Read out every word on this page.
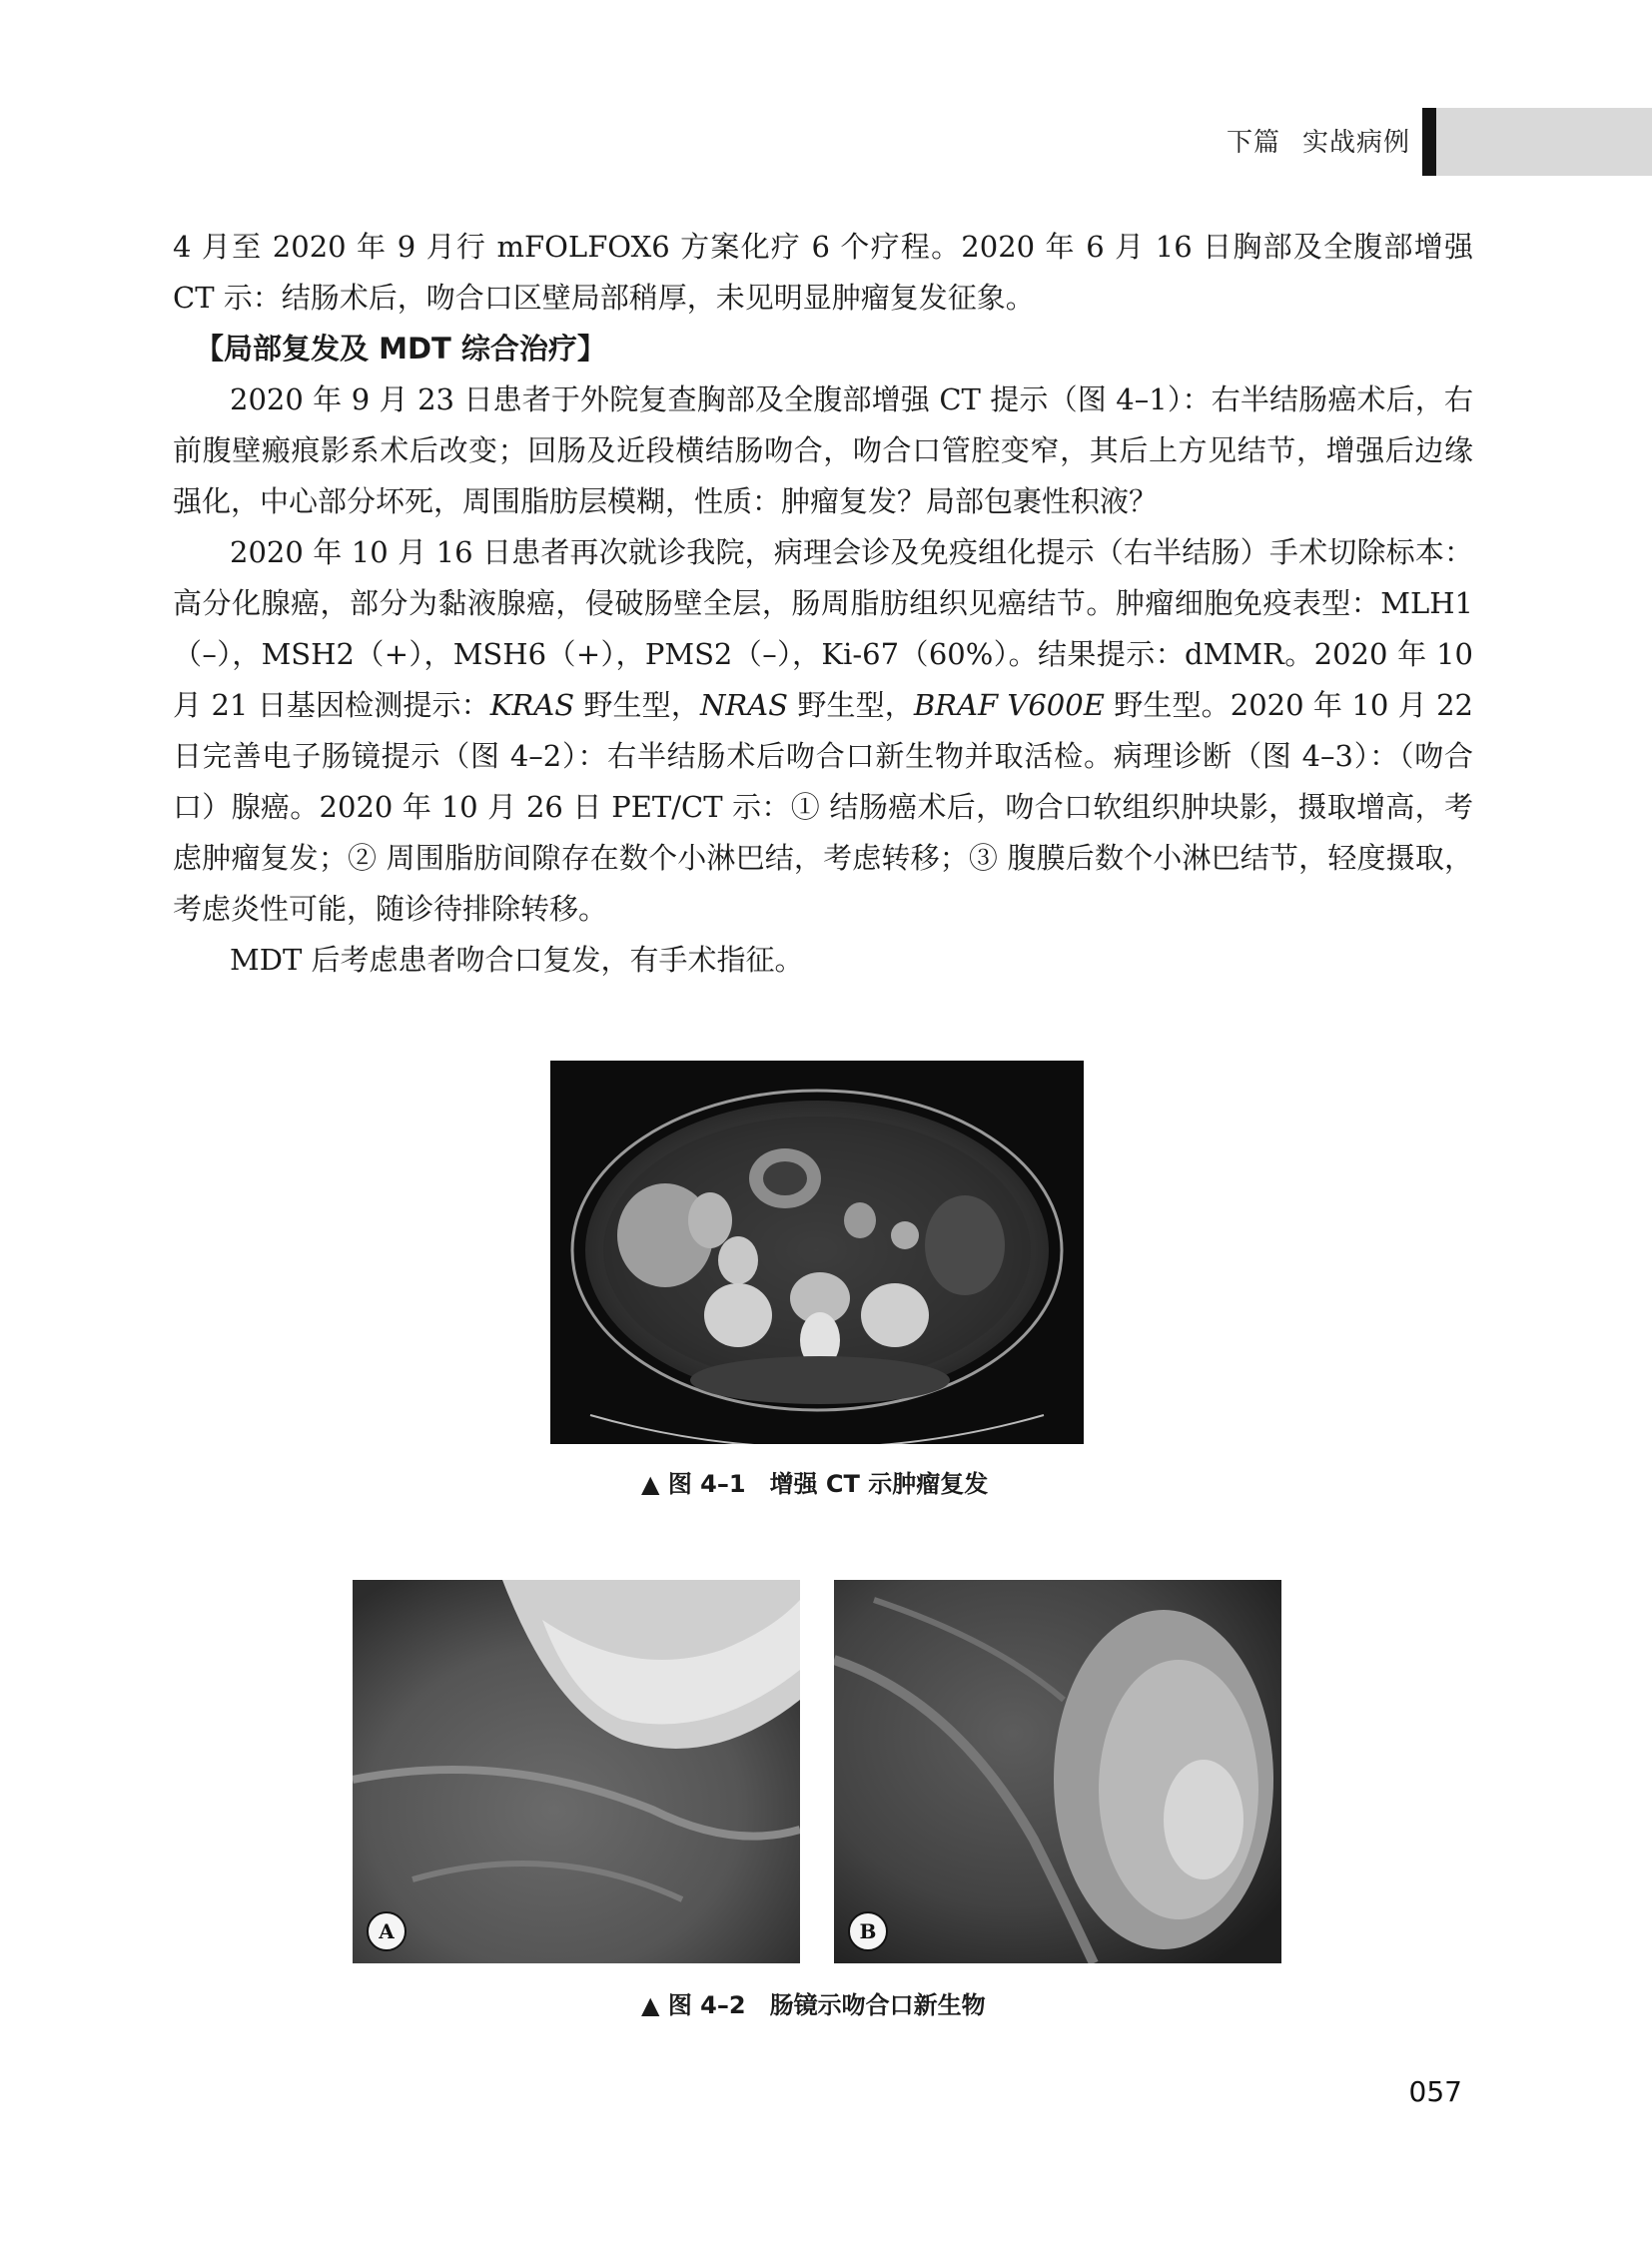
下篇 实战病例

4 月至 2020 年 9 月行 mFOLFOX6 方案化疗 6 个疗程。2020 年 6 月 16 日胸部及全腹部增强 CT 示：结肠术后，吻合口区壁局部稍厚，未见明显肿瘤复发征象。

【局部复发及 MDT 综合治疗】

2020 年 9 月 23 日患者于外院复查胸部及全腹部增强 CT 提示（图 4–1）：右半结肠癌术后，右前腹壁瘢痕影系术后改变；回肠及近段横结肠吻合，吻合口管腔变窄，其后上方见结节，增强后边缘强化，中心部分坏死，周围脂肪层模糊，性质：肿瘤复发？局部包裹性积液？

2020 年 10 月 16 日患者再次就诊我院，病理会诊及免疫组化提示（右半结肠）手术切除标本：高分化腺癌，部分为黏液腺癌，侵破肠壁全层，肠周脂肪组织见癌结节。肿瘤细胞免疫表型：MLH1（–），MSH2（+），MSH6（+），PMS2（–），Ki-67（60%）。结果提示：dMMR。2020 年 10 月 21 日基因检测提示：KRAS 野生型，NRAS 野生型，BRAF V600E 野生型。2020 年 10 月 22 日完善电子肠镜提示（图 4–2）：右半结肠术后吻合口新生物并取活检。病理诊断（图 4–3）：（吻合口）腺癌。2020 年 10 月 26 日 PET/CT 示：① 结肠癌术后，吻合口软组织肿块影，摄取增高，考虑肿瘤复发；② 周围脂肪间隙存在数个小淋巴结，考虑转移；③ 腹膜后数个小淋巴结节，轻度摄取，考虑炎性可能，随诊待排除转移。

MDT 后考虑患者吻合口复发，有手术指征。

▲ 图 4–1 增强 CT 示肿瘤复发
A	B
▲ 图 4–2 肠镜示吻合口新生物
057
